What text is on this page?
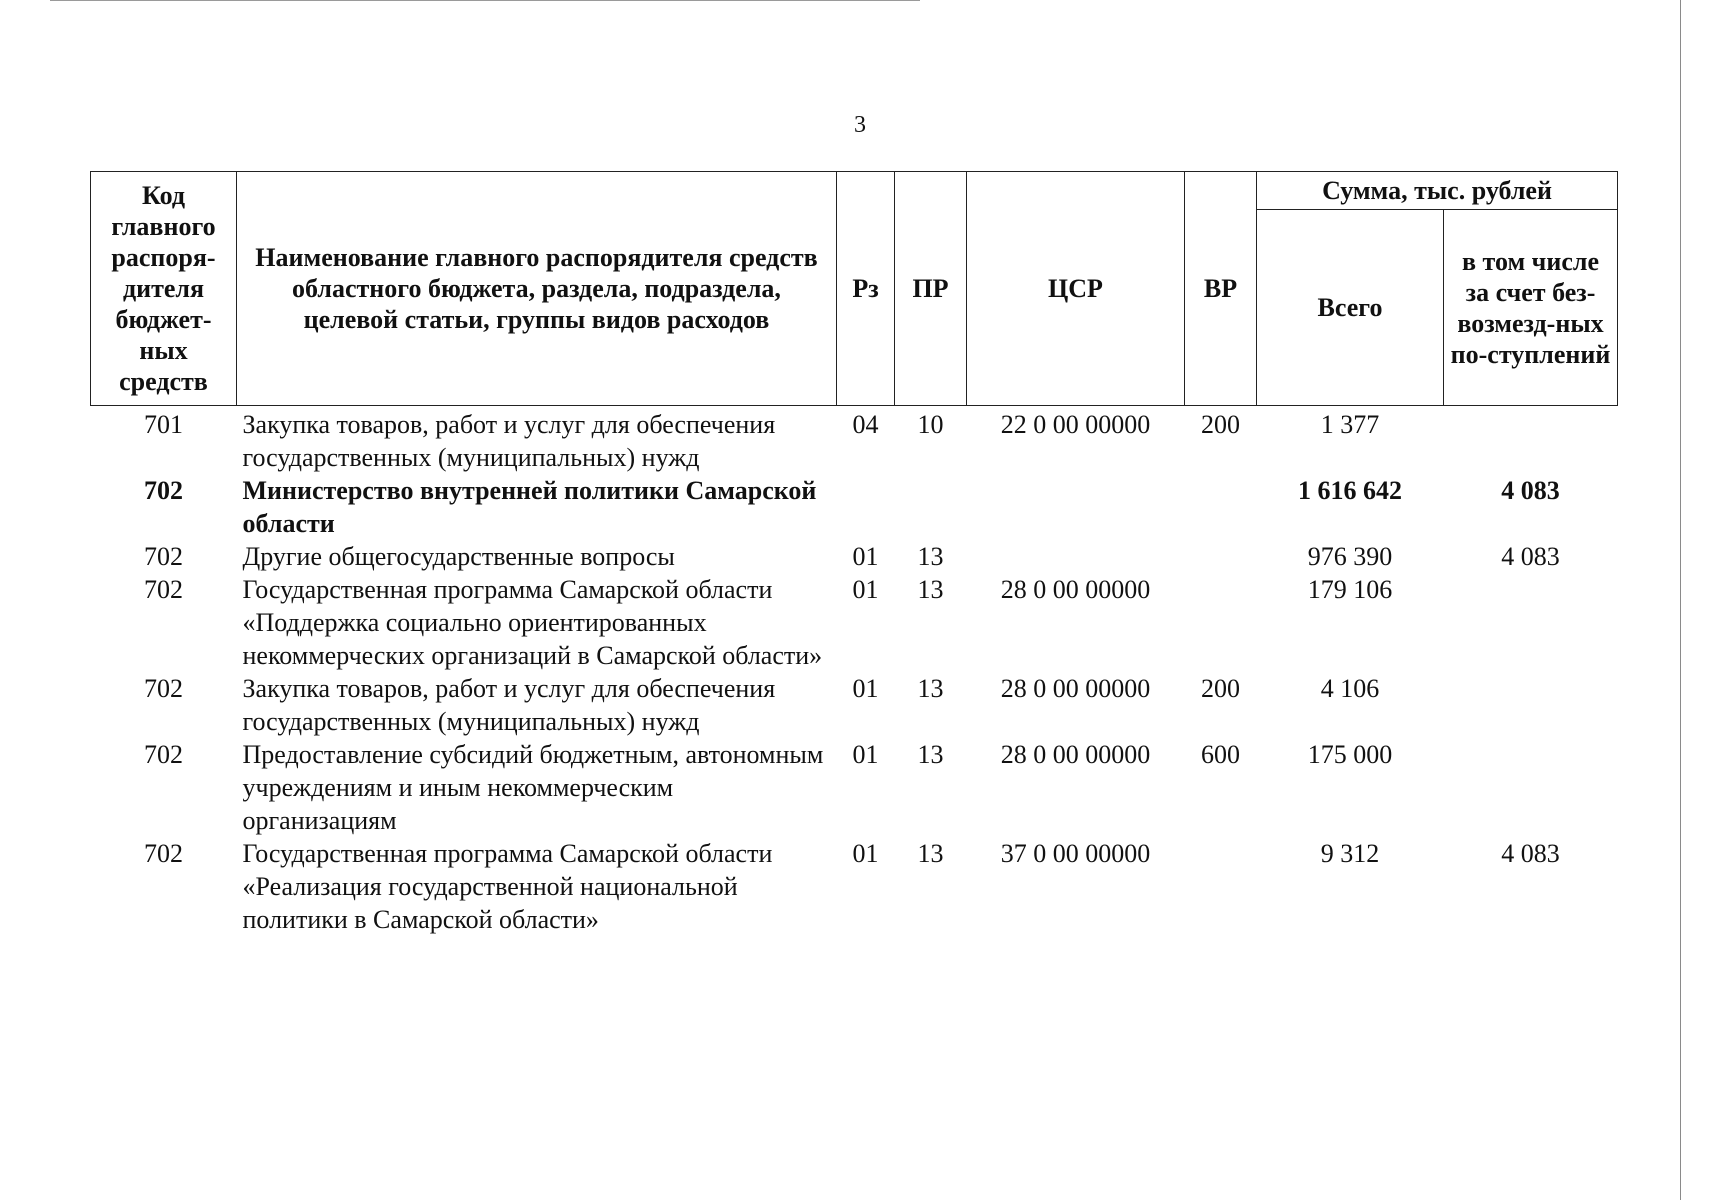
3
Код главного распоря-дителя бюджет-ных средств	Наименование главного распорядителя средств областного бюджета, раздела, подраздела, целевой статьи, группы видов расходов	Рз	ПР	ЦСР	ВР	Сумма, тыс. рублей	
						Всего	в том числе за счет без-возмезд-ных по-ступлений
701	Закупка товаров, работ и услуг для обеспечения государственных (муниципальных) нужд	04	10	22 0 00 00000	200	1 377	
702	Министерство внутренней политики Самарской области					1 616 642	4 083
702	Другие общегосударственные вопросы	01	13			976 390	4 083
702	Государственная программа Самарской области «Поддержка социально ориентированных некоммерческих организаций в Самарской области»	01	13	28 0 00 00000		179 106	
702	Закупка товаров, работ и услуг для обеспечения государственных (муниципальных) нужд	01	13	28 0 00 00000	200	4 106	
702	Предоставление субсидий бюджетным, автономным учреждениям и иным некоммерческим организациям	01	13	28 0 00 00000	600	175 000	
702	Государственная программа Самарской области «Реализация государственной национальной политики в Самарской области»	01	13	37 0 00 00000		9 312	4 083
